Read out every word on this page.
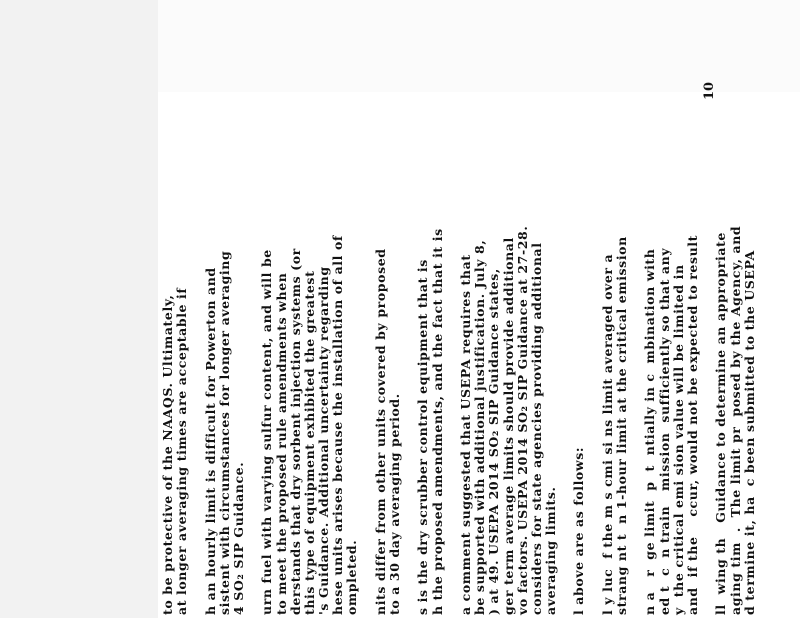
to be protective of the NAAQS. Ultimately, at longer averaging times are acceptable if h an hourly limit is difficult for Powerton and sistent with circumstances for longer averaging 4 SO₂ SIP Guidance. urn fuel with varying sulfur content, and will be to meet the proposed rule amendments when derstands that dry sorbent injection systems (or this type of equipment exhibited the greatest 's Guidance. Additional uncertainty regarding hese units arises because the installation of all of ompleted. nits differ from other units covered by proposed to a 30 day averaging period. s is the dry scrubber control equipment that is h the proposed amendments, and the fact that it is a comment suggested that USEPA requires that be supported with additional justification. July 8, ) at 49. USEPA 2014 SO₂ SIP Guidance states, ger term average limits should provide additional vo factors. USEPA 2014 SO₂ SIP Guidance at 27-28. considers for state agencies providing additional averaging limits. l above are as follows: l y luc  f the m s cmi si ns limit averaged over a strang nt t  n 1-hour limit at the critical emission n a   r  ge limit  p  t  ntially in c  mbination with ed t  c  n train   mission  sufficiently so that any y  the critical emi sion value will be limited in and  if the    ccur, would not be expected to result ll  wing th   Guidance to determine an appropriate aging tim  .  The limit pr  posed by the Agency, and d termine it, ha  c been submitted to the USEPA
10
